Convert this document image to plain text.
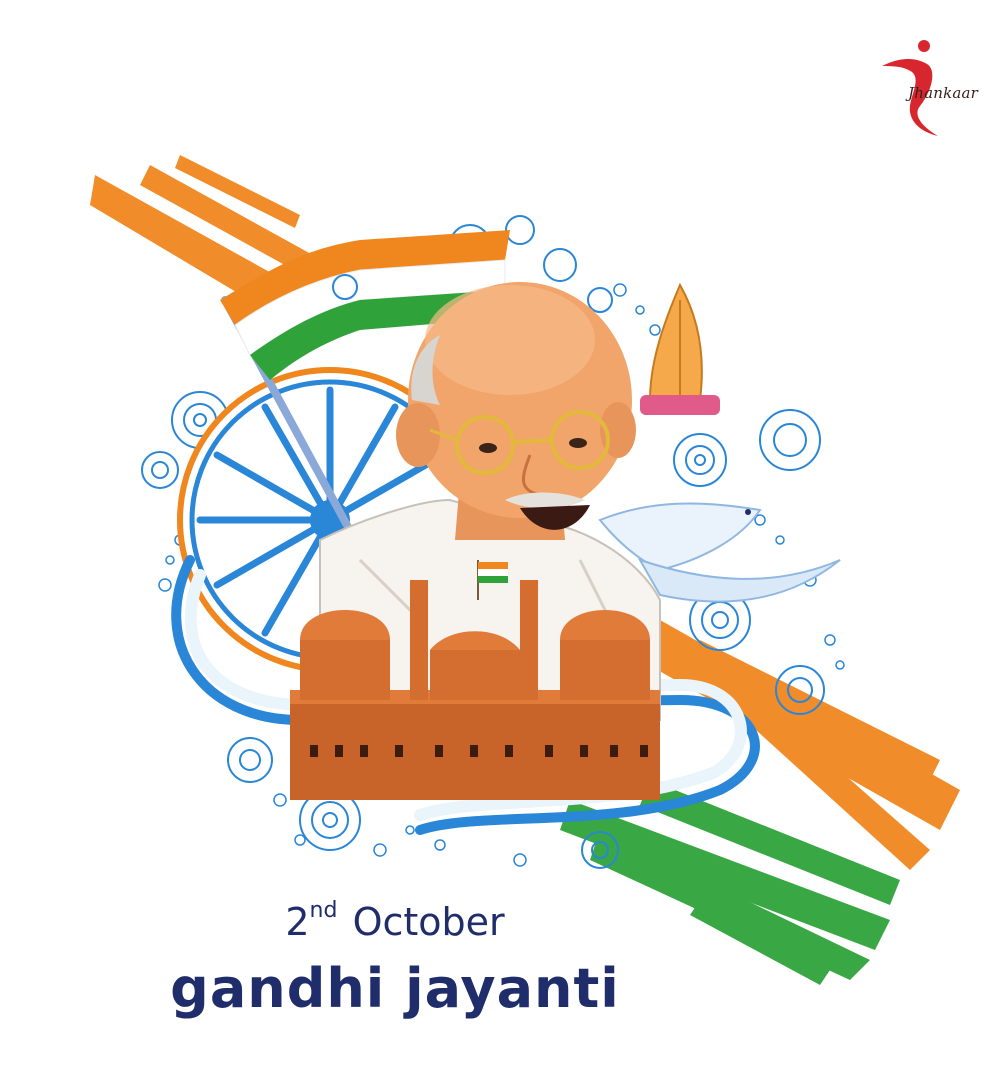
Jhankaar
2nd October
gandhi jayanti
